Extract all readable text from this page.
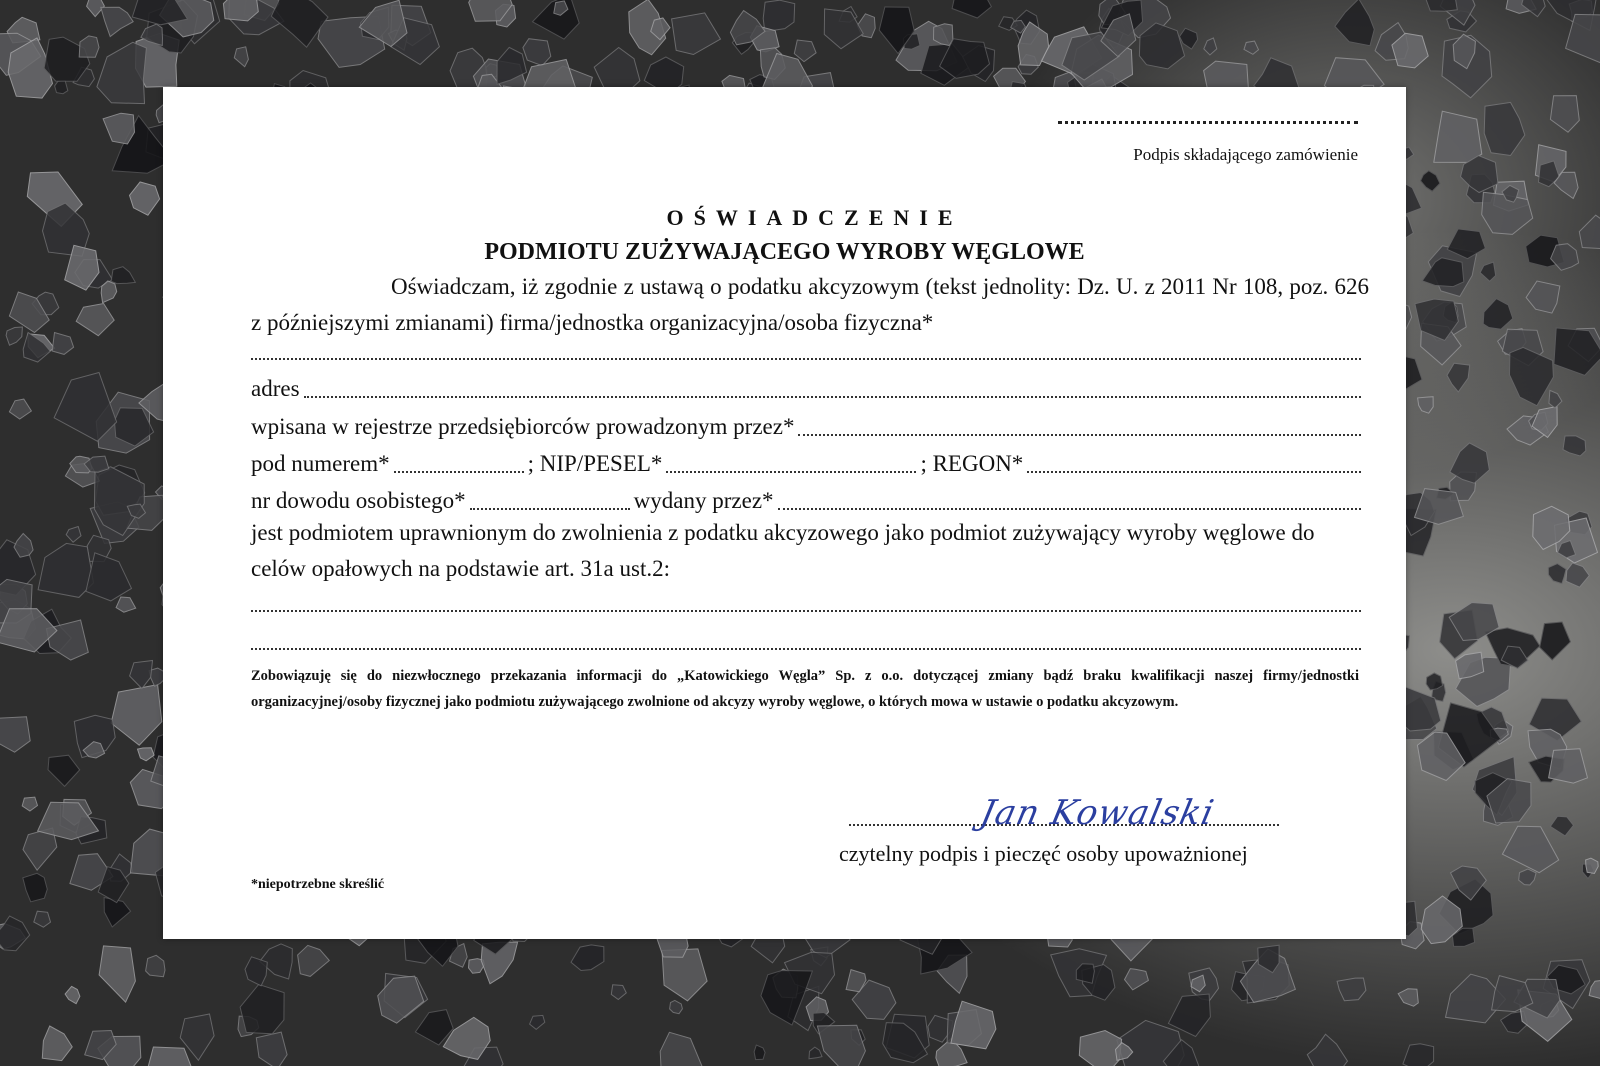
Podpis składającego zamówienie
OŚWIADCZENIE
PODMIOTU ZUŻYWAJĄCEGO WYROBY WĘGLOWE
Oświadczam, iż zgodnie z ustawą o podatku akcyzowym (tekst jednolity: Dz. U. z 2011 Nr 108, poz. 626 z późniejszymi zmianami) firma/jednostka organizacyjna/osoba fizyczna*
adres
wpisana w rejestrze przedsiębiorców prowadzonym przez*
pod numerem*	; NIP/PESEL*	; REGON*
nr dowodu osobistego*	wydany przez*
jest podmiotem uprawnionym do zwolnienia z podatku akcyzowego jako podmiot zużywający wyroby węglowe do celów opałowych na podstawie art. 31a ust.2:
Zobowiązuję się do niezwłocznego przekazania informacji do „Katowickiego Węgla” Sp. z o.o. dotyczącej zmiany bądź braku kwalifikacji naszej firmy/jednostki organizacyjnej/osoby fizycznej jako podmiotu zużywającego zwolnione od akcyzy wyroby węglowe, o których mowa w ustawie o podatku akcyzowym.
Jan Kowalski
czytelny podpis i pieczęć osoby upoważnionej
*niepotrzebne skreślić
